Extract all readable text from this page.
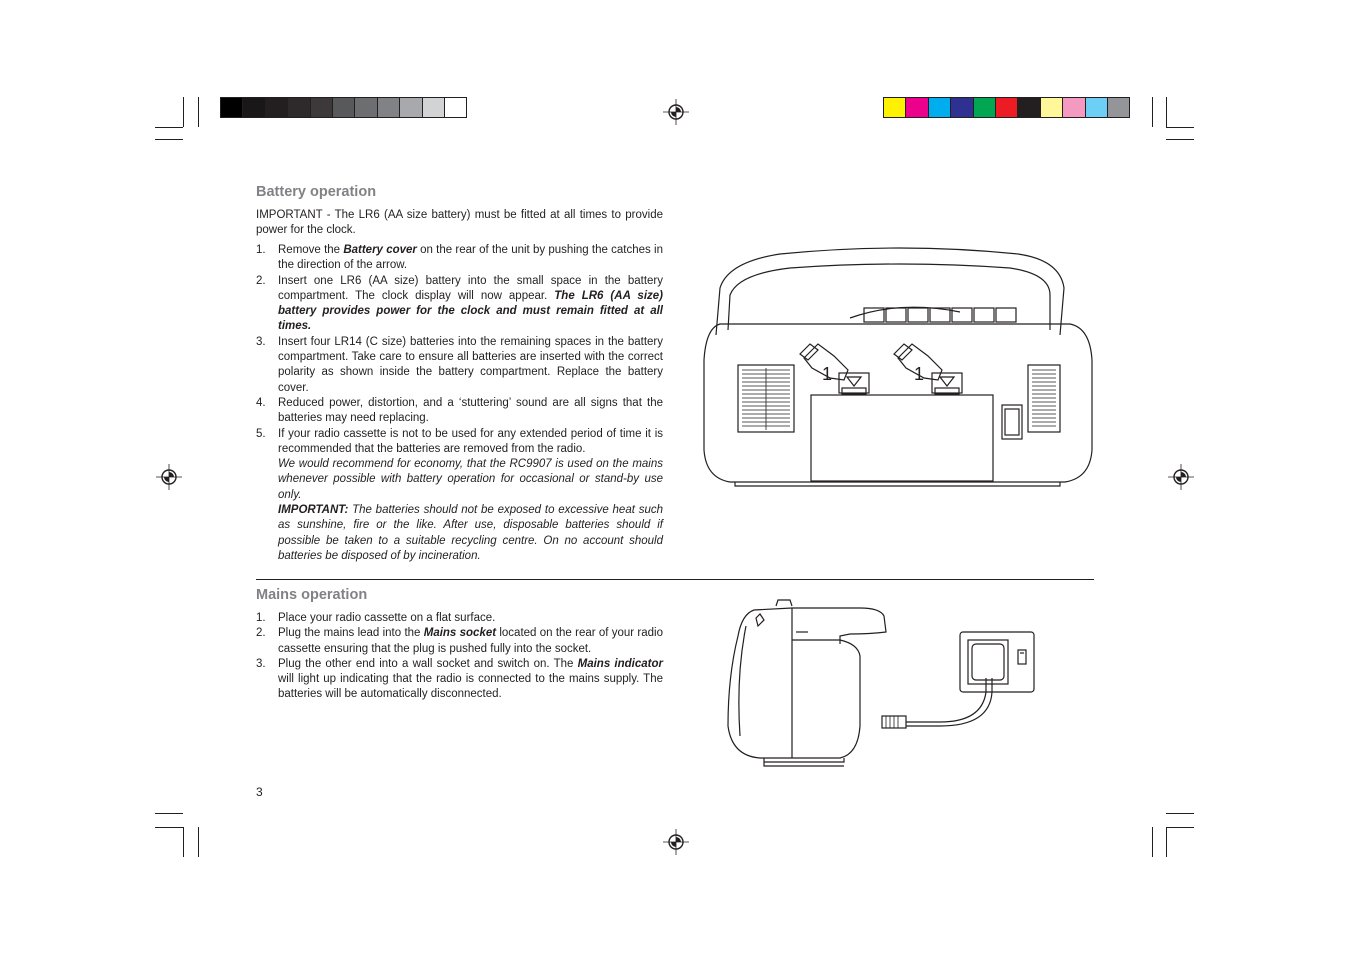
Battery operation
IMPORTANT - The LR6 (AA size battery) must be fitted at all times to provide power for the clock.
1. Remove the Battery cover on the rear of the unit by pushing the catches in the direction of the arrow.
2. Insert one LR6 (AA size) battery into the small space in the battery compartment. The clock display will now appear. The LR6 (AA size) battery provides power for the clock and must remain fitted at all times.
3. Insert four LR14 (C size) batteries into the remaining spaces in the battery compartment. Take care to ensure all batteries are inserted with the correct polarity as shown inside the battery compartment. Replace the battery cover.
4. Reduced power, distortion, and a ‘stuttering’ sound are all signs that the batteries may need replacing.
5. If your radio cassette is not to be used for any extended period of time it is recommended that the batteries are removed from the radio.
We would recommend for economy, that the RC9907 is used on the mains whenever possible with battery operation for occasional or stand-by use only.
IMPORTANT: The batteries should not be exposed to excessive heat such as sunshine, fire or the like. After use, disposable batteries should if possible be taken to a suitable recycling centre. On no account should batteries be disposed of by incineration.
1	1
Mains operation
1. Place your radio cassette on a flat surface.
2. Plug the mains lead into the Mains socket located on the rear of your radio cassette ensuring that the plug is pushed fully into the socket.
3. Plug the other end into a wall socket and switch on. The Mains indicator will light up indicating that the radio is connected to the mains supply. The batteries will be automatically disconnected.
3
